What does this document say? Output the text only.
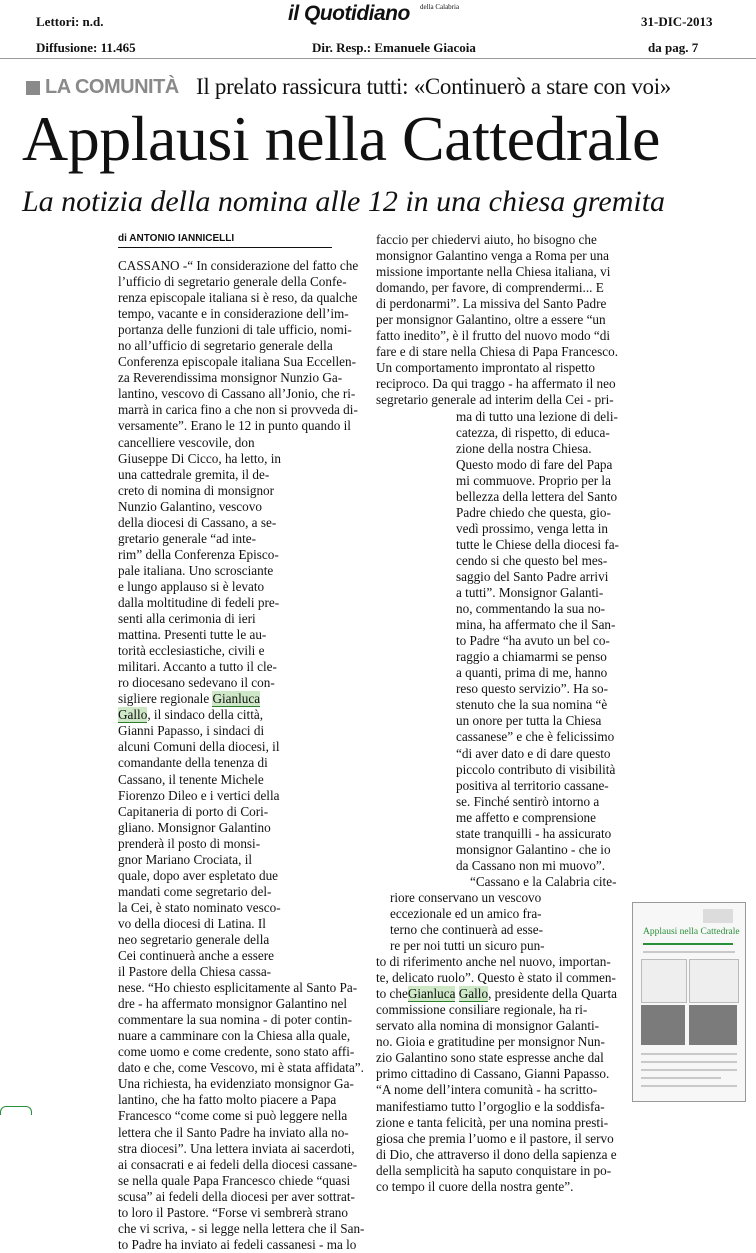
Lettori: n.d.
Diffusione: 11.465
il Quotidiano della Calabria
Dir. Resp.: Emanuele Giacoia
31-DIC-2013
da pag. 7
LA COMUNITÀ Il prelato rassicura tutti: «Continuerò a stare con voi»
Applausi nella Cattedrale
La notizia della nomina alle 12 in una chiesa gremita
di ANTONIO IANNICELLI
CASSANO -“ In considerazione del fatto che
l’ufficio di segretario generale della Confe-
renza episcopale italiana si è reso, da qualche
tempo, vacante e in considerazione dell’im-
portanza delle funzioni di tale ufficio, nomi-
no all’ufficio di segretario generale della
Conferenza episcopale italiana Sua Eccellen-
za Reverendissima monsignor Nunzio Ga-
lantino, vescovo di Cassano all’Jonio, che ri-
marrà in carica fino a che non si provveda di-
versamente”. Erano le 12 in punto quando il
cancelliere vescovile, don
Giuseppe Di Cicco, ha letto, in
una cattedrale gremita, il de-
creto di nomina di monsignor
Nunzio Galantino, vescovo
della diocesi di Cassano, a se-
gretario generale “ad inte-
rim” della Conferenza Episco-
pale italiana. Uno scrosciante
e lungo applauso si è levato
dalla moltitudine di fedeli pre-
senti alla cerimonia di ieri
mattina. Presenti tutte le au-
torità ecclesiastiche, civili e
militari. Accanto a tutto il cle-
ro diocesano sedevano il con-
sigliere regionale Gianluca
Gallo, il sindaco della città,
Gianni Papasso, i sindaci di
alcuni Comuni della diocesi, il
comandante della tenenza di
Cassano, il tenente Michele
Fiorenzo Dileo e i vertici della
Capitaneria di porto di Cori-
gliano. Monsignor Galantino
prenderà il posto di monsi-
gnor Mariano Crociata, il
quale, dopo aver espletato due
mandati come segretario del-
la Cei, è stato nominato vesco-
vo della diocesi di Latina. Il
neo segretario generale della
Cei continuerà anche a essere
il Pastore della Chiesa cassa-
nese. “Ho chiesto esplicitamente al Santo Pa-
dre - ha affermato monsignor Galantino nel
commentare la sua nomina - di poter contin-
nuare a camminare con la Chiesa alla quale,
come uomo e come credente, sono stato affi-
dato e che, come Vescovo, mi è stata affidata”.
Una richiesta, ha evidenziato monsignor Ga-
lantino, che ha fatto molto piacere a Papa
Francesco “come come si può leggere nella
lettera che il Santo Padre ha inviato alla no-
stra diocesi”. Una lettera inviata ai sacerdoti,
ai consacrati e ai fedeli della diocesi cassane-
se nella quale Papa Francesco chiede “quasi
scusa” ai fedeli della diocesi per aver sottrat-
to loro il Pastore. “Forse vi sembrerà strano
che vi scriva, - si legge nella lettera che il San-
to Padre ha inviato ai fedeli cassanesi - ma lo
faccio per chiedervi aiuto, ho bisogno che
monsignor Galantino venga a Roma per una
missione importante nella Chiesa italiana, vi
domando, per favore, di comprendermi... E
di perdonarmi”. La missiva del Santo Padre
per monsignor Galantino, oltre a essere “un
fatto inedito”, è il frutto del nuovo modo “di
fare e di stare nella Chiesa di Papa Francesco.
Un comportamento improntato al rispetto
reciproco. Da qui traggo - ha affermato il neo
segretario generale ad interim della Cei - pri-
ma di tutto una lezione di deli-
catezza, di rispetto, di educa-
zione della nostra Chiesa.
Questo modo di fare del Papa
mi commuove. Proprio per la
bellezza della lettera del Santo
Padre chiedo che questa, gio-
vedì prossimo, venga letta in
tutte le Chiese della diocesi fa-
cendo si che questo bel mes-
saggio del Santo Padre arrivi
a tutti”. Monsignor Galanti-
no, commentando la sua no-
mina, ha affermato che il San-
to Padre “ha avuto un bel co-
raggio a chiamarmi se penso
a quanti, prima di me, hanno
reso questo servizio”. Ha so-
stenuto che la sua nomina “è
un onore per tutta la Chiesa
cassanese” e che è felicissimo
“di aver dato e di dare questo
piccolo contributo di visibilità
positiva al territorio cassane-
se. Finché sentirò intorno a
me affetto e comprensione
state tranquilli - ha assicurato
monsignor Galantino - che io
da Cassano non mi muovo”.
“Cassano e la Calabria cite-
riore conservano un vescovo
eccezionale ed un amico fra-
terno che continuerà ad esse-
re per noi tutti un sicuro pun-
to di riferimento anche nel nuovo, importan-
te, delicato ruolo”. Questo è stato il commen-
to cheGianluca Gallo, presidente della Quarta
commissione consiliare regionale, ha ri-
servato alla nomina di monsignor Galanti-
no. Gioia e gratitudine per monsignor Nun-
zio Galantino sono state espresse anche dal
primo cittadino di Cassano, Gianni Papasso.
“A nome dell’intera comunità - ha scritto-
manifestiamo tutto l’orgoglio e la soddisfa-
zione e tanta felicità, per una nomina presti-
giosa che premia l’uomo e il pastore, il servo
di Dio, che attraverso il dono della sapienza e
della semplicità ha saputo conquistare in po-
co tempo il cuore della nostra gente”.
Applausi nella Cattedrale
